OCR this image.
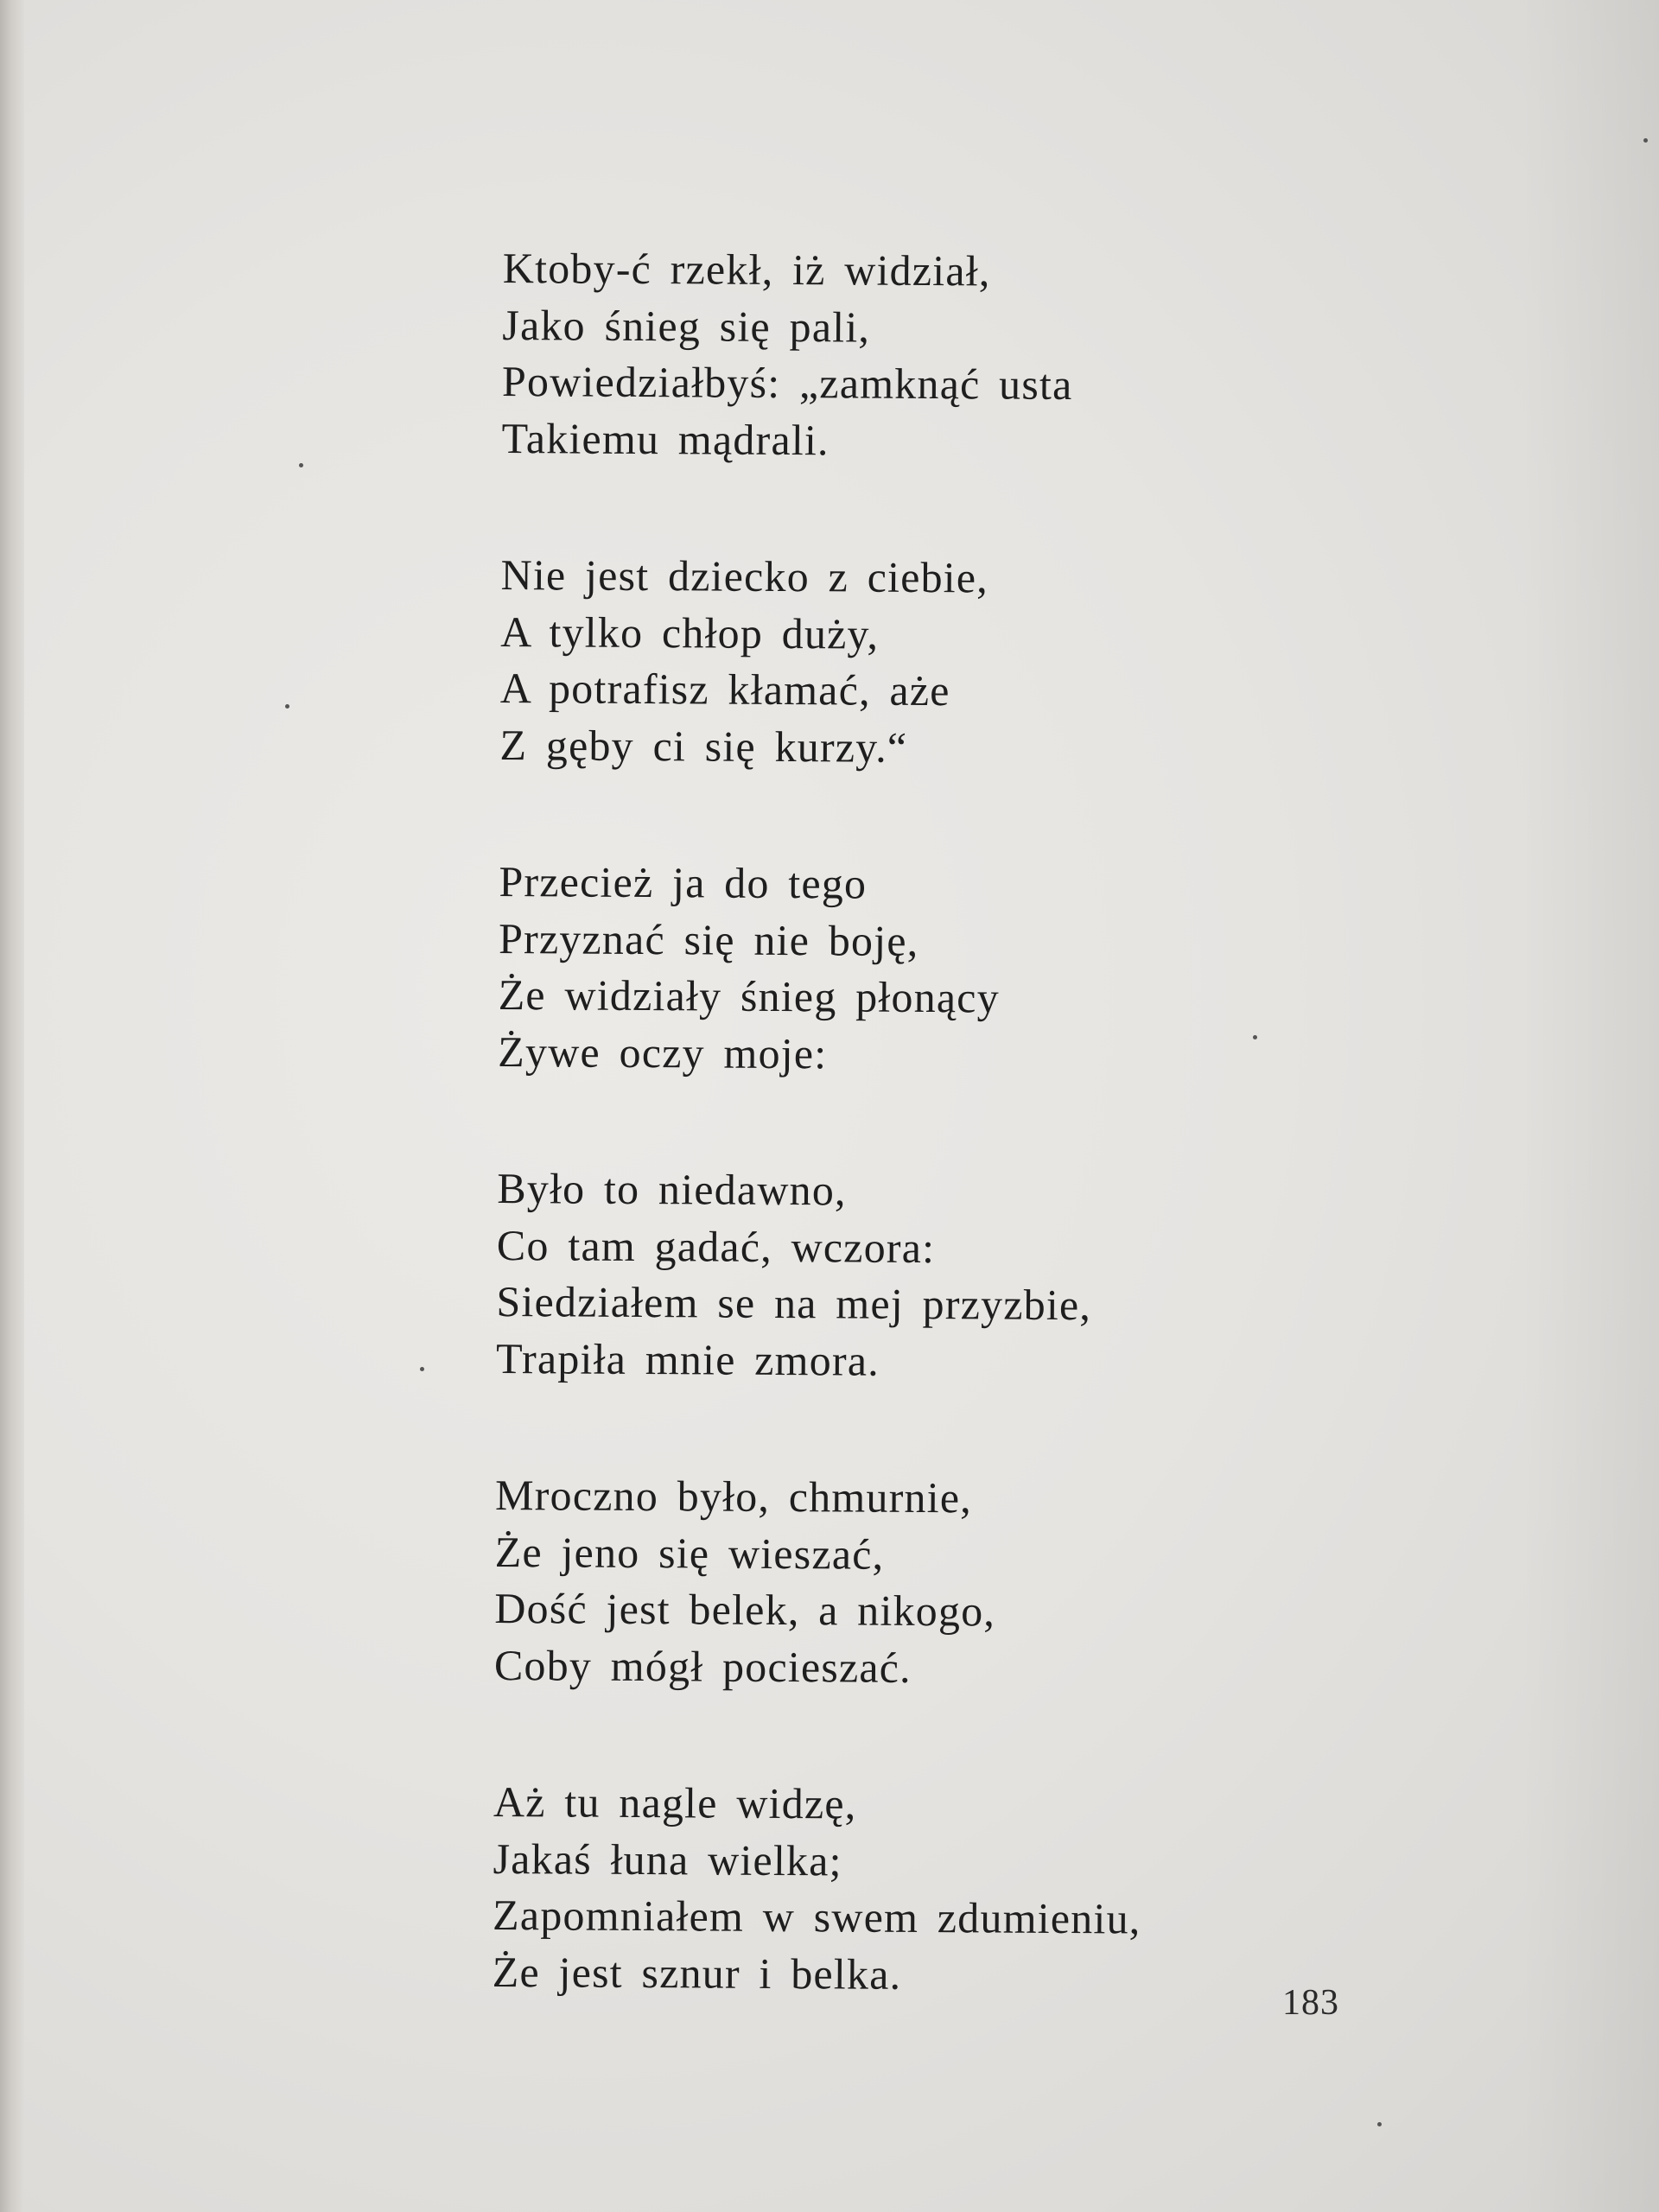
Ktoby-ć rzekł, iż widział,
Jako śnieg się pali,
Powiedziałbyś: „zamknąć usta
Takiemu mądrali.
Nie jest dziecko z ciebie,
A tylko chłop duży,
A potrafisz kłamać, aże
Z gęby ci się kurzy.“
Przecież ja do tego
Przyznać się nie boję,
Że widziały śnieg płonący
Żywe oczy moje:
Było to niedawno,
Co tam gadać, wczora:
Siedziałem se na mej przyzbie,
Trapiła mnie zmora.
Mroczno było, chmurnie,
Że jeno się wieszać,
Dość jest belek, a nikogo,
Coby mógł pocieszać.
Aż tu nagle widzę,
Jakaś łuna wielka;
Zapomniałem w swem zdumieniu,
Że jest sznur i belka.
183
